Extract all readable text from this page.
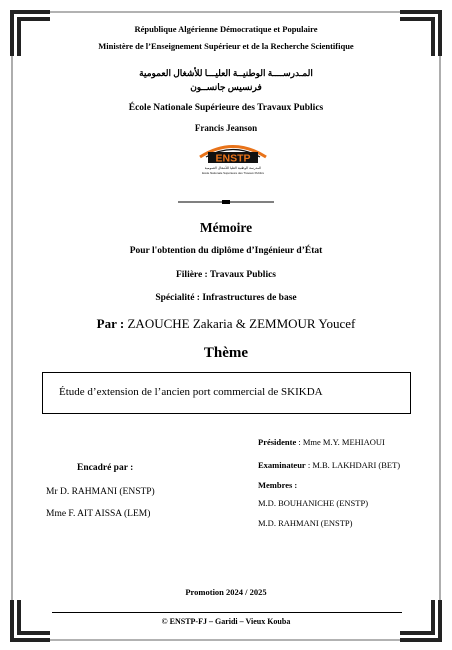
République Algérienne Démocratique et Populaire
Ministère de l’Enseignement Supérieur et de la Recherche Scientifique
المـدرســــة الوطنيــة العليـــا للأشغال العمومية
فرنسيس جانســون
École Nationale Supérieure des Travaux Publics
Francis Jeanson
ENSTP
المدرسة الوطنية العليا للأشغال العمومية
Ecole Nationale Supérieure des Travaux Publics
Mémoire
Pour l'obtention du diplôme d’Ingénieur d’État
Filière : Travaux Publics
Spécialité : Infrastructures de base
Par : ZAOUCHE Zakaria & ZEMMOUR Youcef
Thème
Étude d’extension de l’ancien port commercial de SKIKDA
Encadré par :
Mr D. RAHMANI (ENSTP)
Mme F. AIT AISSA (LEM)
Présidente : Mme M.Y. MEHIAOUI
Examinateur : M.B. LAKHDARI (BET)
Membres :
M.D. BOUHANICHE (ENSTP)
M.D. RAHMANI (ENSTP)
Promotion 2024 / 2025
© ENSTP-FJ – Garidi – Vieux Kouba
